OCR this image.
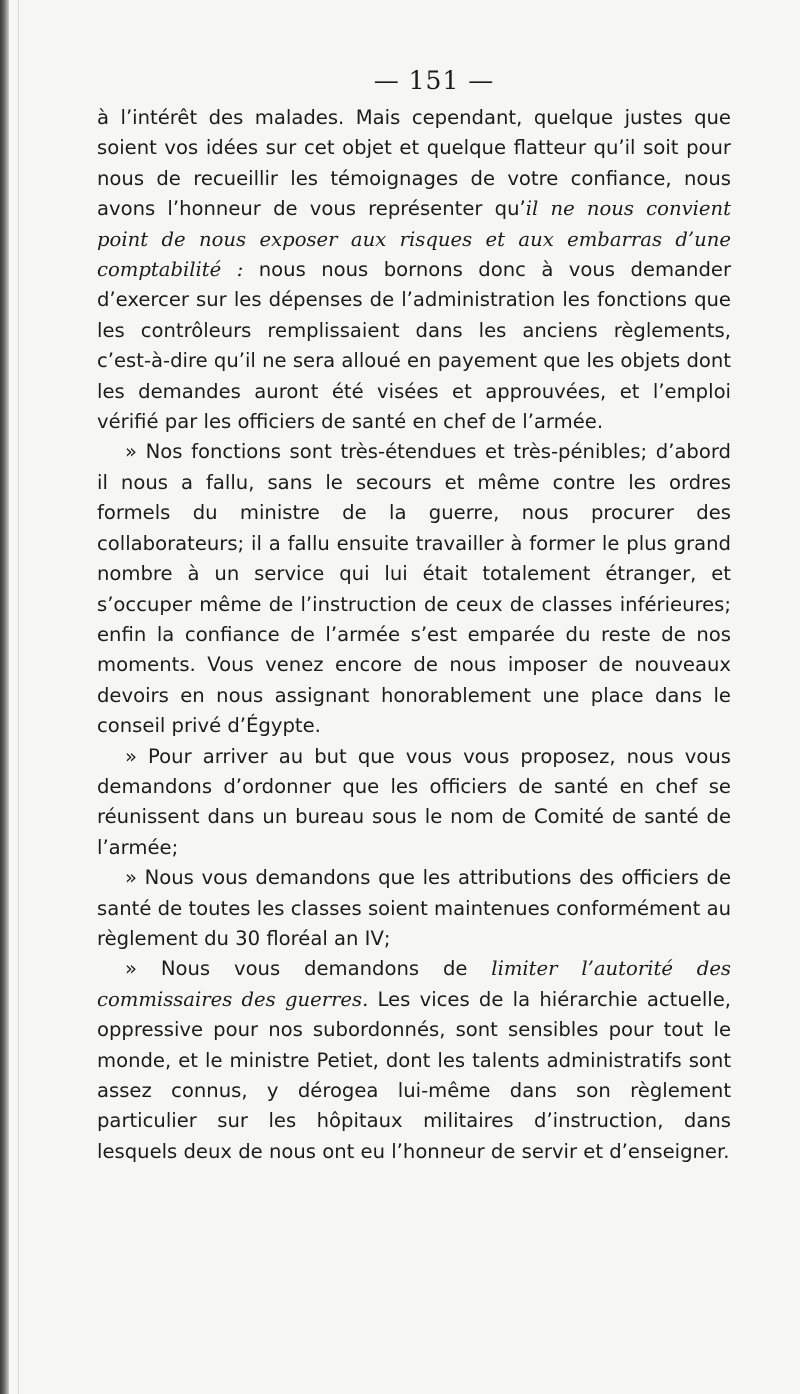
— 151 —

à l’intérêt des malades. Mais cependant, quelque justes que soient vos idées sur cet objet et quelque flatteur qu’il soit pour nous de recueillir les témoignages de votre confiance, nous avons l’honneur de vous représenter qu’il ne nous convient point de nous exposer aux risques et aux embarras d’une comptabilité : nous nous bornons donc à vous demander d’exercer sur les dépenses de l’administration les fonctions que les contrôleurs remplissaient dans les anciens règlements, c’est-à-dire qu’il ne sera alloué en payement que les objets dont les demandes auront été visées et approuvées, et l’emploi vérifié par les officiers de santé en chef de l’armée.

» Nos fonctions sont très-étendues et très-pénibles; d’abord il nous a fallu, sans le secours et même contre les ordres formels du ministre de la guerre, nous procurer des collaborateurs; il a fallu ensuite travailler à former le plus grand nombre à un service qui lui était totalement étranger, et s’occuper même de l’instruction de ceux de classes inférieures; enfin la confiance de l’armée s’est emparée du reste de nos moments. Vous venez encore de nous imposer de nouveaux devoirs en nous assignant honorablement une place dans le conseil privé d’Égypte.

» Pour arriver au but que vous vous proposez, nous vous demandons d’ordonner que les officiers de santé en chef se réunissent dans un bureau sous le nom de Comité de santé de l’armée;

» Nous vous demandons que les attributions des officiers de santé de toutes les classes soient maintenues conformément au règlement du 30 floréal an IV;

» Nous vous demandons de limiter l’autorité des commissaires des guerres. Les vices de la hiérarchie actuelle, oppressive pour nos subordonnés, sont sensibles pour tout le monde, et le ministre Petiet, dont les talents administratifs sont assez connus, y dérogea lui-même dans son règlement particulier sur les hôpitaux militaires d’instruction, dans lesquels deux de nous ont eu l’honneur de servir et d’enseigner.
